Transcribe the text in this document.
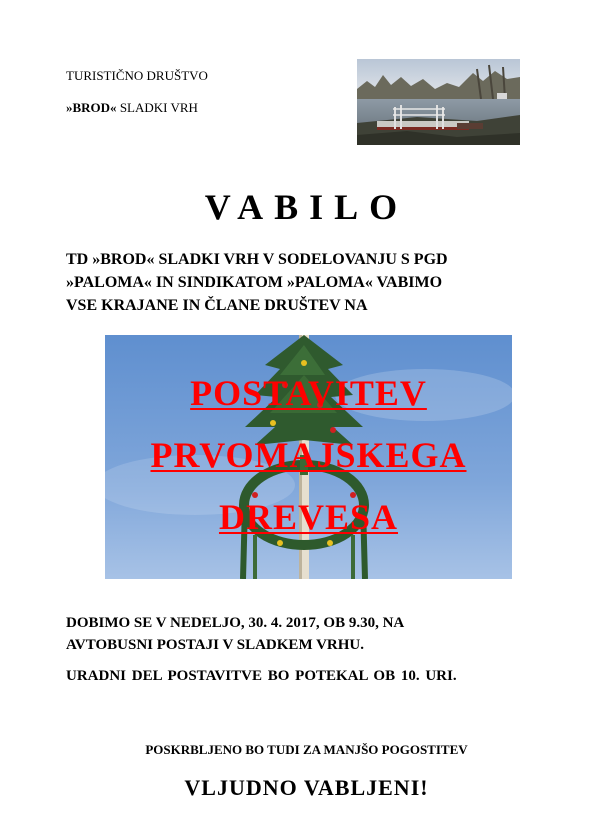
TURISTIČNO DRUŠTVO
»BROD« SLADKI VRH
VABILO
TD »BROD« SLADKI VRH V SODELOVANJU S PGD
»PALOMA« IN SINDIKATOM »PALOMA« VABIMO
VSE KRAJANE IN ČLANE DRUŠTEV NA
POSTAVITEV
PRVOMAJSKEGA
DREVESA
DOBIMO SE V NEDELJO, 30. 4. 2017, OB 9.30, NA
AVTOBUSNI POSTAJI V SLADKEM VRHU.
URADNI DEL POSTAVITVE BO POTEKAL OB 10. URI.
POSKRBLJENO BO TUDI ZA MANJŠO POGOSTITEV
VLJUDNO VABLJENI!
